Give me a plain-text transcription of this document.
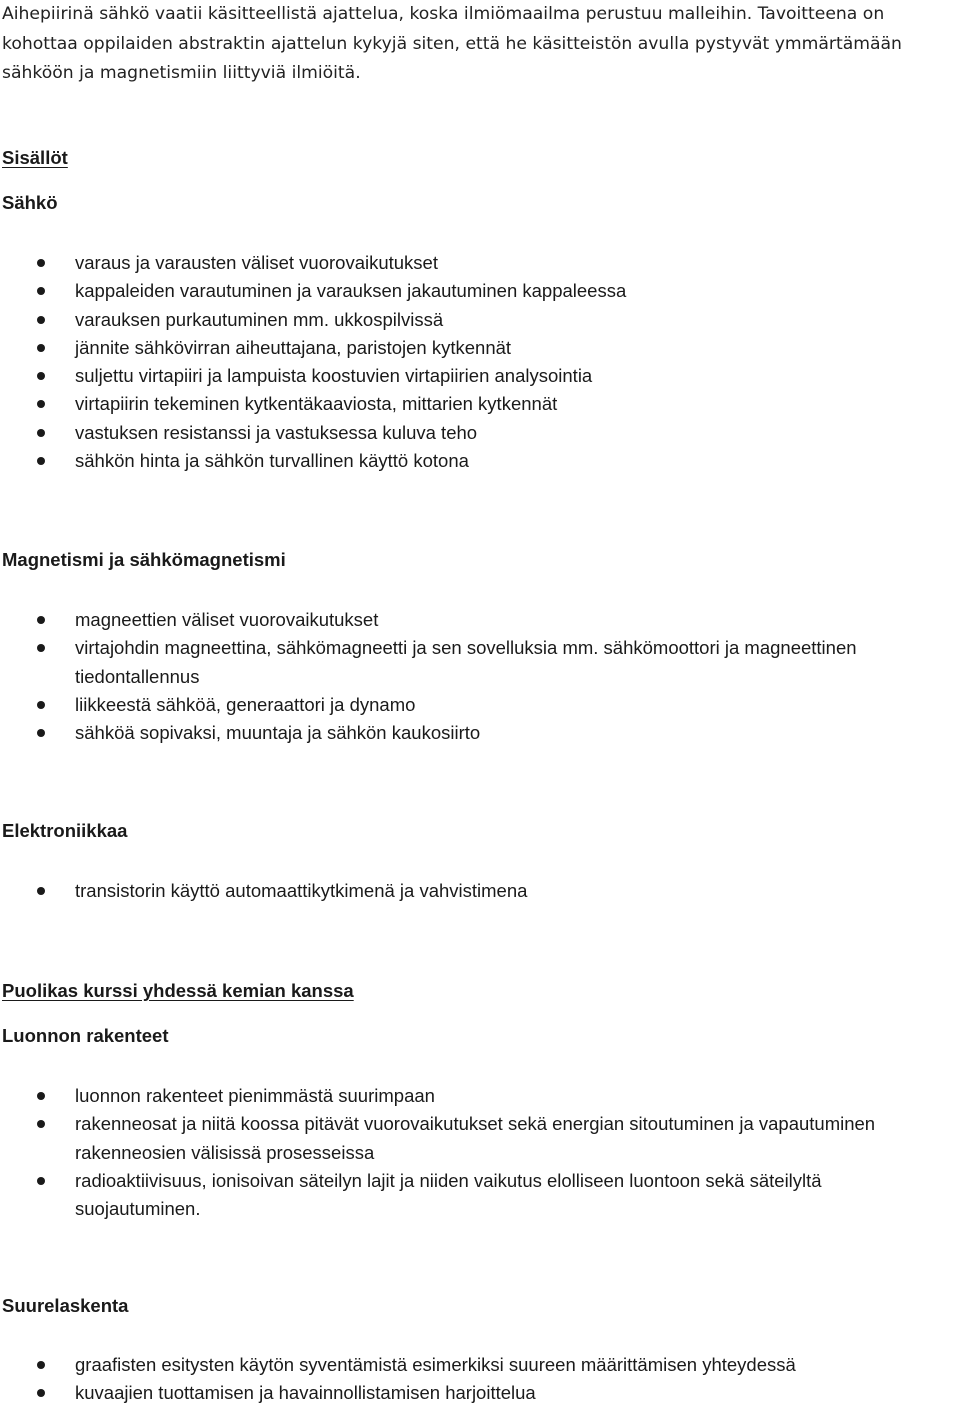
Aihepiirinä sähkö vaatii käsitteellistä ajattelua, koska ilmiömaailma perustuu malleihin. Tavoitteena on

kohottaa oppilaiden abstraktin ajattelun kykyjä siten, että he käsitteistön avulla pystyvät ymmärtämään

sähköön ja magnetismiin liittyviä ilmiöitä.

Sisällöt
Sähkö
varaus ja varausten väliset vuorovaikutukset
kappaleiden varautuminen ja varauksen jakautuminen kappaleessa
varauksen purkautuminen mm. ukkospilvissä
jännite sähkövirran aiheuttajana, paristojen kytkennät
suljettu virtapiiri ja lampuista koostuvien virtapiirien analysointia
virtapiirin tekeminen kytkentäkaaviosta, mittarien kytkennät
vastuksen resistanssi ja vastuksessa kuluva teho
sähkön hinta ja sähkön turvallinen käyttö kotona
Magnetismi ja sähkömagnetismi
magneettien väliset vuorovaikutukset
virtajohdin magneettina, sähkömagneetti ja sen sovelluksia mm. sähkömoottori ja magneettinen
tiedontallennus
liikkeestä sähköä, generaattori ja dynamo
sähköä sopivaksi, muuntaja ja sähkön kaukosiirto
Elektroniikkaa
transistorin käyttö automaattikytkimenä ja vahvistimena
Puolikas kurssi yhdessä kemian kanssa
Luonnon rakenteet
luonnon rakenteet pienimmästä suurimpaan
rakenneosat ja niitä koossa pitävät vuorovaikutukset sekä energian sitoutuminen ja vapautuminen
rakenneosien välisissä prosesseissa
radioaktiivisuus, ionisoivan säteilyn lajit ja niiden vaikutus elolliseen luontoon sekä säteilyltä
suojautuminen.
Suurelaskenta
graafisten esitysten käytön syventämistä esimerkiksi suureen määrittämisen yhteydessä
kuvaajien tuottamisen ja havainnollistamisen harjoittelua
